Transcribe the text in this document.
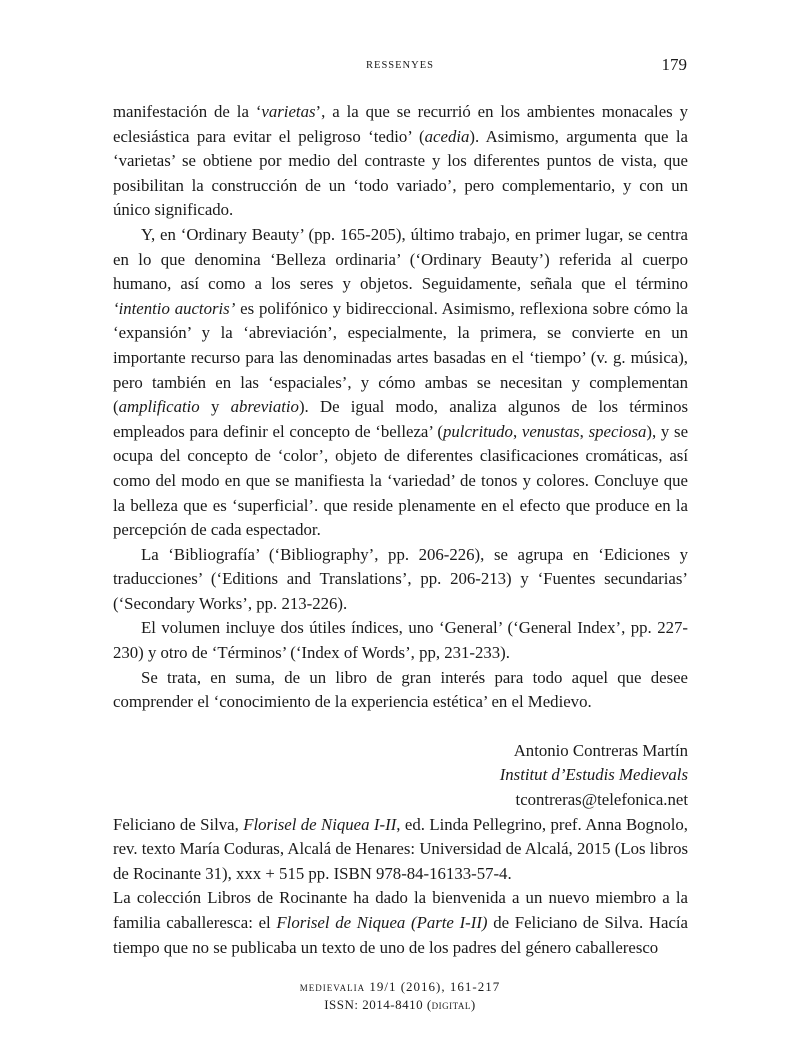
RESSENYES	179

manifestación de la ‘varietas’, a la que se recurrió en los ambientes monacales y eclesiástica para evitar el peligroso ‘tedio’ (acedia). Asimismo, argumenta que la ‘varietas’ se obtiene por medio del contraste y los diferentes puntos de vista, que posibilitan la construcción de un ‘todo variado’, pero complementario, y con un único significado.

Y, en ‘Ordinary Beauty’ (pp. 165-205), último trabajo, en primer lugar, se centra en lo que denomina ‘Belleza ordinaria’ (‘Ordinary Beauty’) referida al cuerpo humano, así como a los seres y objetos. Seguidamente, señala que el término ‘intentio auctoris’ es polifónico y bidireccional. Asimismo, reflexiona sobre cómo la ‘expansión’ y la ‘abreviación’, especialmente, la primera, se convierte en un importante recurso para las denominadas artes basadas en el ‘tiempo’ (v. g. música), pero también en las ‘espaciales’, y cómo ambas se necesitan y complementan (amplificatio y abreviatio). De igual modo, analiza algunos de los términos empleados para definir el concepto de ‘belleza’ (pulcritudo, venustas, speciosa), y se ocupa del concepto de ‘color’, objeto de diferentes clasificaciones cromáticas, así como del modo en que se manifiesta la ‘variedad’ de tonos y colores. Concluye que la belleza que es ‘superficial’. que reside plenamente en el efecto que produce en la percepción de cada espectador.

La ‘Bibliografía’ (‘Bibliography’, pp. 206-226), se agrupa en ‘Ediciones y traducciones’ (‘Editions and Translations’, pp. 206-213) y ‘Fuentes secundarias’ (‘Secondary Works’, pp. 213-226).

El volumen incluye dos útiles índices, uno ‘General’ (‘General Index’, pp. 227-230) y otro de ‘Términos’ (‘Index of Words’, pp, 231-233).

Se trata, en suma, de un libro de gran interés para todo aquel que desee comprender el ‘conocimiento de la experiencia estética’ en el Medievo.

Antonio Contreras Martín
Institut d’Estudis Medievals
tcontreras@telefonica.net

Feliciano de Silva, Florisel de Niquea I-II, ed. Linda Pellegrino, pref. Anna Bognolo, rev. texto María Coduras, Alcalá de Henares: Universidad de Alcalá, 2015 (Los libros de Rocinante 31), xxx + 515 pp. ISBN 978-84-16133-57-4.

La colección Libros de Rocinante ha dado la bienvenida a un nuevo miembro a la familia caballeresca: el Florisel de Niquea (Parte I-II) de Feliciano de Silva. Hacía tiempo que no se publicaba un texto de uno de los padres del género caballeresco

medievalia 19/1 (2016), 161-217
ISSN: 2014-8410 (digital)
